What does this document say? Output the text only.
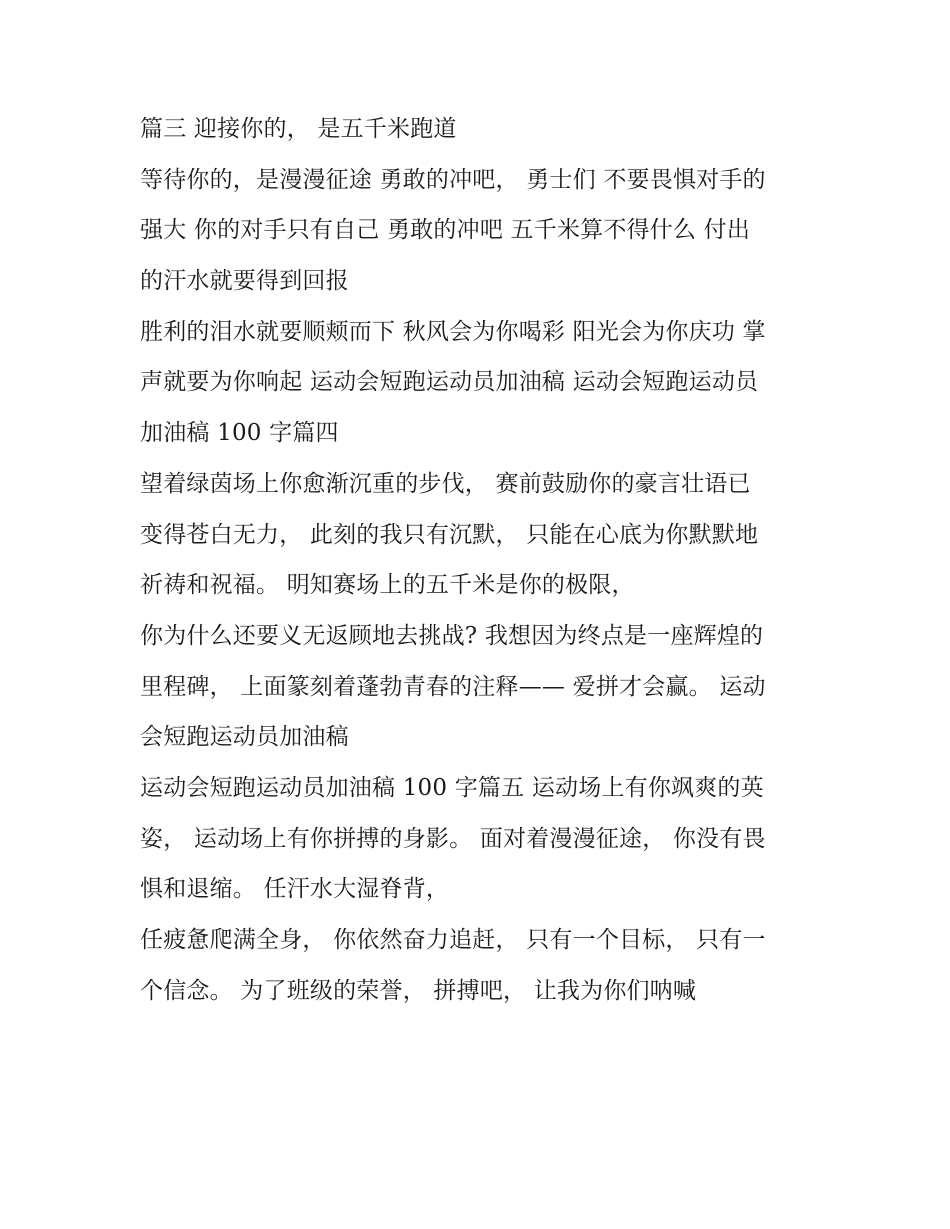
篇三 迎接你的， 是五千米跑道
等待你的，是漫漫征途 勇敢的冲吧， 勇士们 不要畏惧对手的
强大 你的对手只有自己 勇敢的冲吧 五千米算不得什么 付出
的汗水就要得到回报
胜利的泪水就要顺颊而下 秋风会为你喝彩 阳光会为你庆功 掌
声就要为你响起 运动会短跑运动员加油稿 运动会短跑运动员
加油稿 100 字篇四
望着绿茵场上你愈渐沉重的步伐， 赛前鼓励你的豪言壮语已
变得苍白无力， 此刻的我只有沉默， 只能在心底为你默默地
祈祷和祝福。 明知赛场上的五千米是你的极限，
你为什么还要义无返顾地去挑战? 我想因为终点是一座辉煌的
里程碑， 上面篆刻着蓬勃青春的注释—— 爱拼才会赢。 运动
会短跑运动员加油稿
运动会短跑运动员加油稿 100 字篇五 运动场上有你飒爽的英
姿， 运动场上有你拼搏的身影。 面对着漫漫征途， 你没有畏
惧和退缩。 任汗水大湿脊背，
任疲惫爬满全身， 你依然奋力追赶， 只有一个目标， 只有一
个信念。 为了班级的荣誉， 拼搏吧， 让我为你们呐喊
